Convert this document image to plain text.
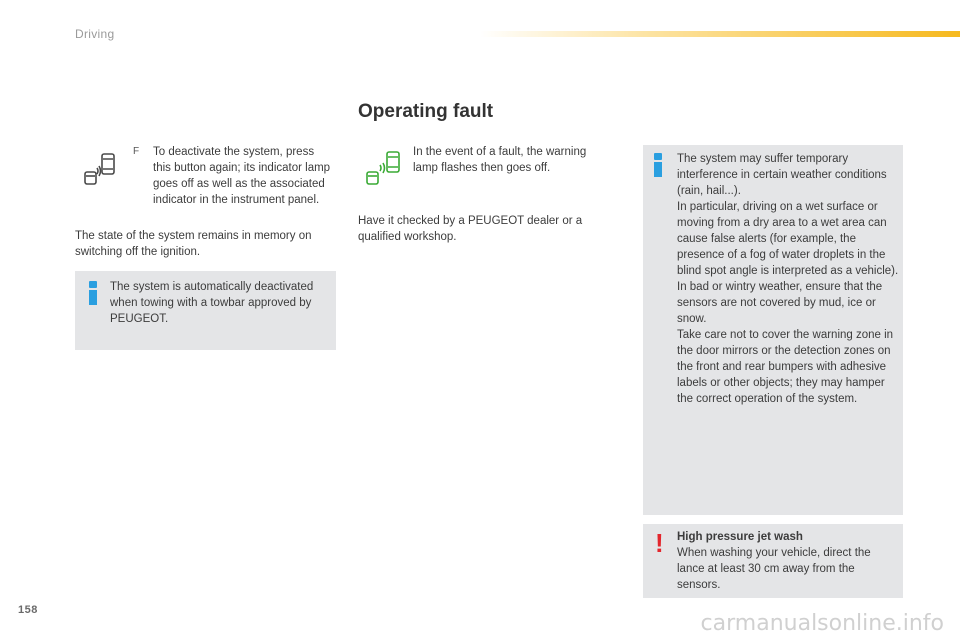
Driving
F To deactivate the system, press this button again; its indicator lamp goes off as well as the associated indicator in the instrument panel.
The state of the system remains in memory on switching off the ignition.
The system is automatically deactivated when towing with a towbar approved by PEUGEOT.
Operating fault
In the event of a fault, the warning lamp flashes then goes off.
Have it checked by a PEUGEOT dealer or a qualified workshop.
The system may suffer temporary interference in certain weather conditions (rain, hail...).
In particular, driving on a wet surface or moving from a dry area to a wet area can cause false alerts (for example, the presence of a fog of water droplets in the blind spot angle is interpreted as a vehicle).
In bad or wintry weather, ensure that the sensors are not covered by mud, ice or snow.
Take care not to cover the warning zone in the door mirrors or the detection zones on the front and rear bumpers with adhesive labels or other objects; they may hamper the correct operation of the system.
! High pressure jet wash
When washing your vehicle, direct the lance at least 30 cm away from the sensors.
158
carmanualsonline.info
